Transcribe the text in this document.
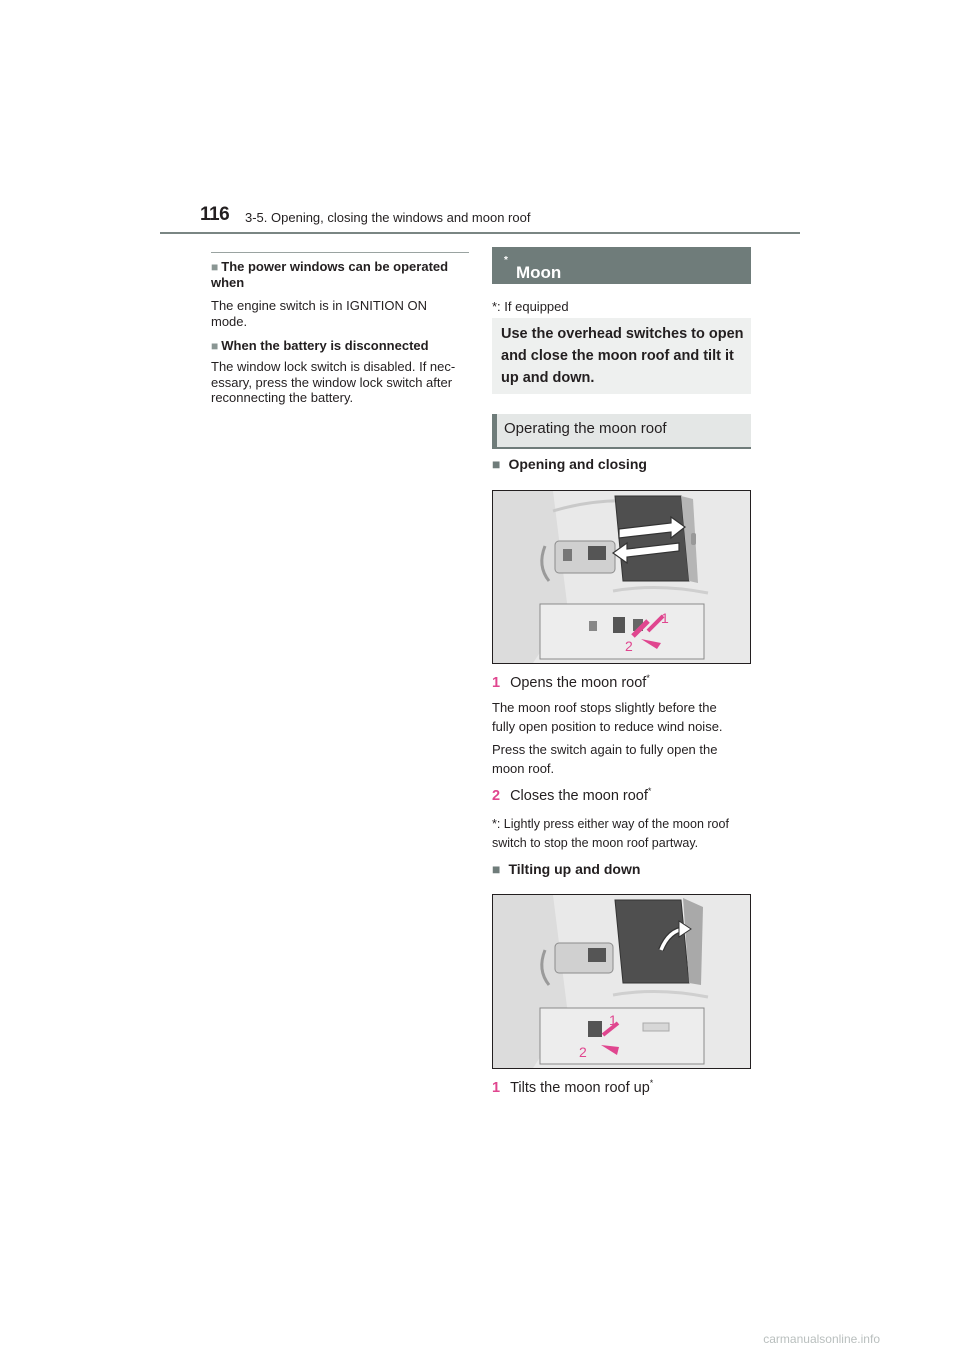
116 3-5. Opening, closing the windows and moon roof
■ The power windows can be operated when
The engine switch is in IGNITION ON mode.
■ When the battery is disconnected
The window lock switch is disabled. If nec-essary, press the window lock switch after reconnecting the battery.
Moon roof
*
*: If equipped
Use the overhead switches to open and close the moon roof and tilt it up and down.
Operating the moon roof
■ Opening and closing
1
2
1 Opens the moon roof*
The moon roof stops slightly before the fully open position to reduce wind noise.
Press the switch again to fully open the moon roof.
2 Closes the moon roof*
*: Lightly press either way of the moon roof switch to stop the moon roof partway.
■ Tilting up and down
1
2
1 Tilts the moon roof up*
carmanualsonline.info
